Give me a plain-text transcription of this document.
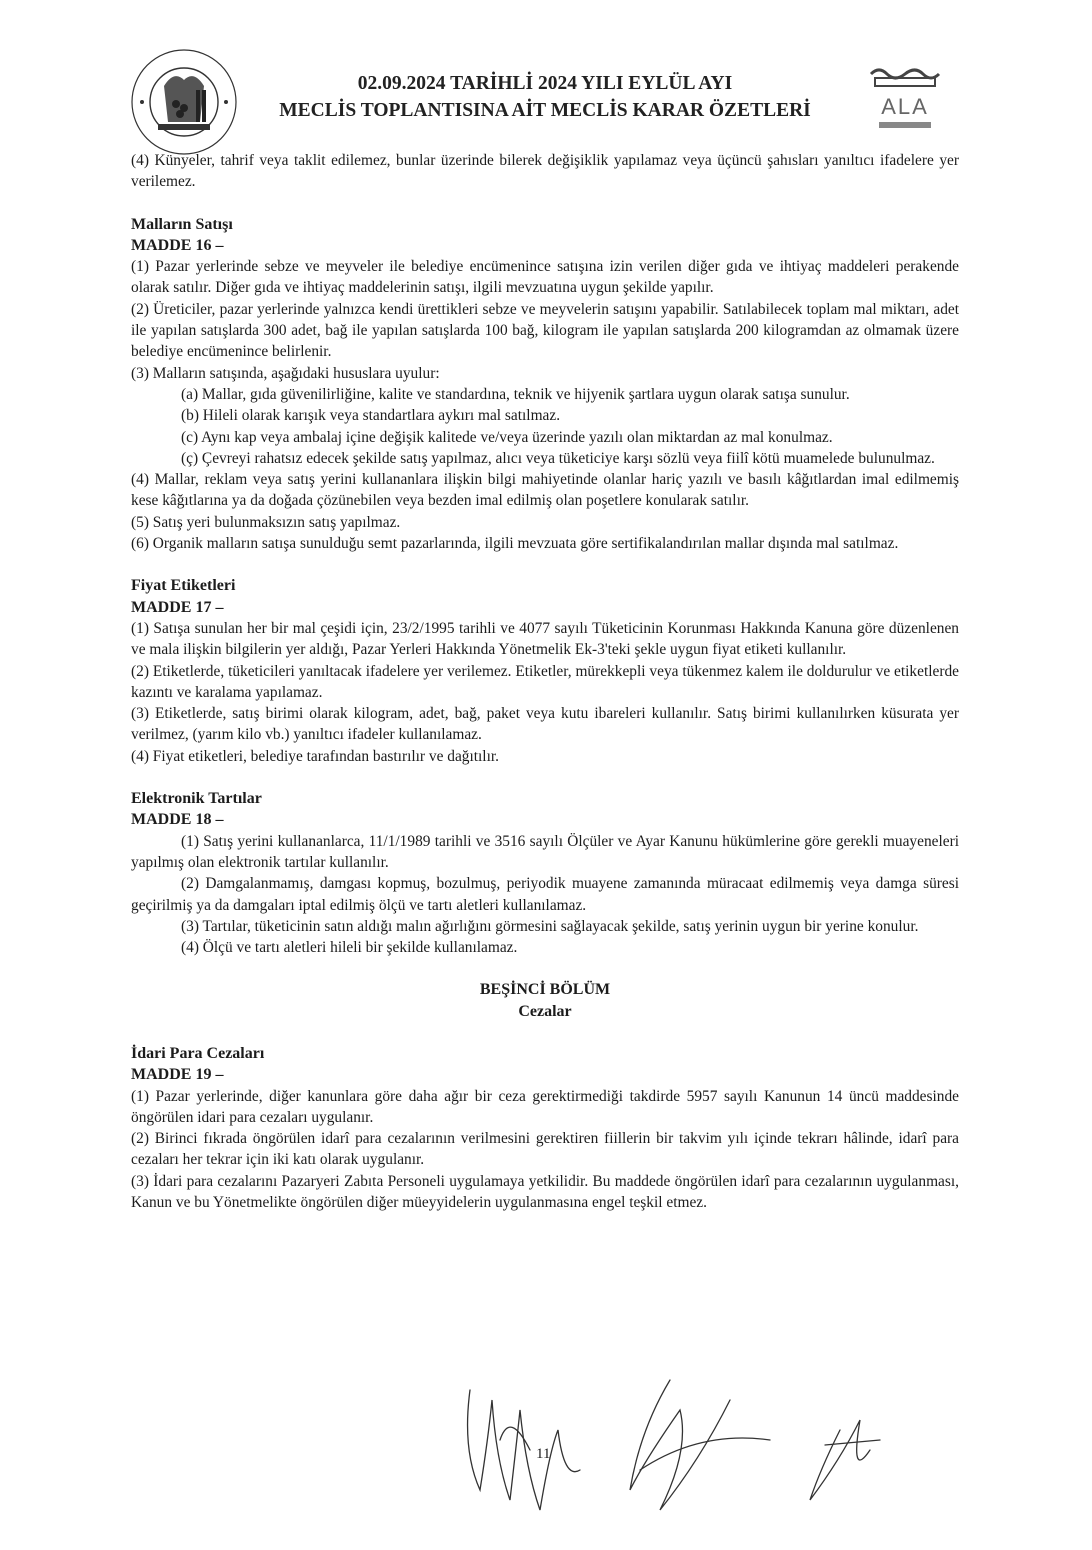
ALA
02.09.2024 TARİHLİ 2024 YILI EYLÜL AYI
MECLİS TOPLANTISINA AİT MECLİS KARAR ÖZETLERİ

(4) Künyeler, tahrif veya taklit edilemez, bunlar üzerinde bilerek değişiklik yapılamaz veya üçüncü şahısları yanıltıcı ifadelere yer verilemez.

Malların Satışı

MADDE 16 –

(1) Pazar yerlerinde sebze ve meyveler ile belediye encümenince satışına izin verilen diğer gıda ve ihtiyaç maddeleri perakende olarak satılır. Diğer gıda ve ihtiyaç maddelerinin satışı, ilgili mevzuatına uygun şekilde yapılır.

(2) Üreticiler, pazar yerlerinde yalnızca kendi ürettikleri sebze ve meyvelerin satışını yapabilir. Satılabilecek toplam mal miktarı, adet ile yapılan satışlarda 300 adet, bağ ile yapılan satışlarda 100 bağ, kilogram ile yapılan satışlarda 200 kilogramdan az olmamak üzere belediye encümenince belirlenir.

(3) Malların satışında, aşağıdaki hususlara uyulur:

(a) Mallar, gıda güvenilirliğine, kalite ve standardına, teknik ve hijyenik şartlara uygun olarak satışa sunulur.

(b) Hileli olarak karışık veya standartlara aykırı mal satılmaz.

(c) Aynı kap veya ambalaj içine değişik kalitede ve/veya üzerinde yazılı olan miktardan az mal konulmaz.

(ç) Çevreyi rahatsız edecek şekilde satış yapılmaz, alıcı veya tüketiciye karşı sözlü veya fiilî kötü muamelede bulunulmaz.

(4) Mallar, reklam veya satış yerini kullananlara ilişkin bilgi mahiyetinde olanlar hariç yazılı ve basılı kâğıtlardan imal edilmemiş kese kâğıtlarına ya da doğada çözünebilen veya bezden imal edilmiş olan poşetlere konularak satılır.

(5) Satış yeri bulunmaksızın satış yapılmaz.

(6) Organik malların satışa sunulduğu semt pazarlarında, ilgili mevzuata göre sertifikalandırılan mallar dışında mal satılmaz.

Fiyat Etiketleri

MADDE 17 –

(1) Satışa sunulan her bir mal çeşidi için, 23/2/1995 tarihli ve 4077 sayılı Tüketicinin Korunması Hakkında Kanuna göre düzenlenen ve mala ilişkin bilgilerin yer aldığı, Pazar Yerleri Hakkında Yönetmelik Ek-3'teki şekle uygun fiyat etiketi kullanılır.

(2) Etiketlerde, tüketicileri yanıltacak ifadelere yer verilemez. Etiketler, mürekkepli veya tükenmez kalem ile doldurulur ve etiketlerde kazıntı ve karalama yapılamaz.

(3) Etiketlerde, satış birimi olarak kilogram, adet, bağ, paket veya kutu ibareleri kullanılır. Satış birimi kullanılırken küsurata yer verilmez, (yarım kilo vb.) yanıltıcı ifadeler kullanılamaz.

(4) Fiyat etiketleri, belediye tarafından bastırılır ve dağıtılır.

Elektronik Tartılar

MADDE 18 –

(1) Satış yerini kullananlarca, 11/1/1989 tarihli ve 3516 sayılı Ölçüler ve Ayar Kanunu hükümlerine göre gerekli muayeneleri yapılmış olan elektronik tartılar kullanılır.

(2) Damgalanmamış, damgası kopmuş, bozulmuş, periyodik muayene zamanında müracaat edilmemiş veya damga süresi geçirilmiş ya da damgaları iptal edilmiş ölçü ve tartı aletleri kullanılamaz.

(3) Tartılar, tüketicinin satın aldığı malın ağırlığını görmesini sağlayacak şekilde, satış yerinin uygun bir yerine konulur.

(4) Ölçü ve tartı aletleri hileli bir şekilde kullanılamaz.

BEŞİNCİ BÖLÜM

Cezalar

İdari Para Cezaları

MADDE 19 –

(1) Pazar yerlerinde, diğer kanunlara göre daha ağır bir ceza gerektirmediği takdirde 5957 sayılı Kanunun 14 üncü maddesinde öngörülen idari para cezaları uygulanır.

(2) Birinci fıkrada öngörülen idarî para cezalarının verilmesini gerektiren fiillerin bir takvim yılı içinde tekrarı hâlinde, idarî para cezaları her tekrar için iki katı olarak uygulanır.

(3) İdari para cezalarını Pazaryeri Zabıta Personeli uygulamaya yetkilidir. Bu maddede öngörülen idarî para cezalarının uygulanması, Kanun ve bu Yönetmelikte öngörülen diğer müeyyidelerin uygulanmasına engel teşkil etmez.

11
